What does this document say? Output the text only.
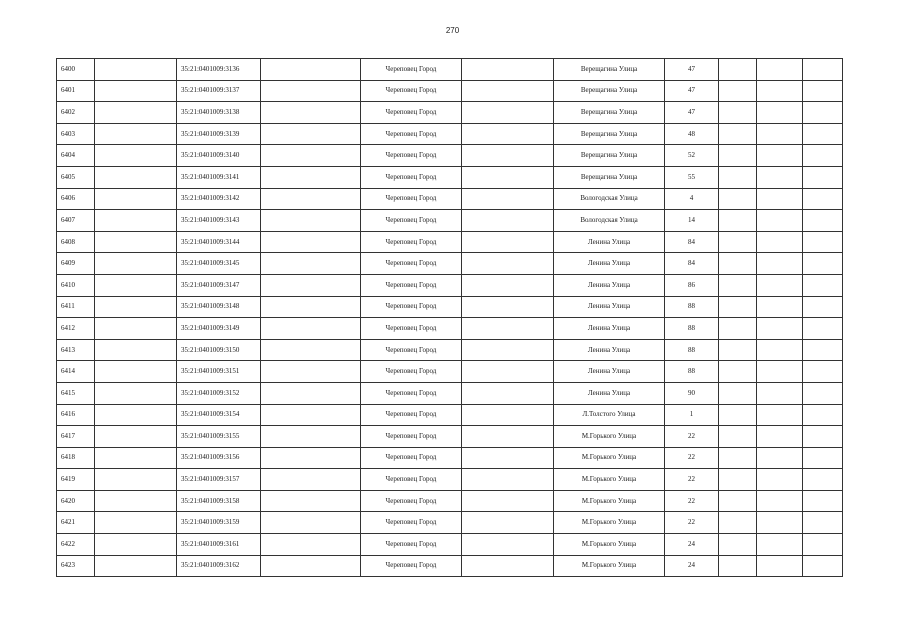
270
6400		35:21:0401009:3136		Череповец Город		Верещагина Улица	47			
6401		35:21:0401009:3137		Череповец Город		Верещагина Улица	47			
6402		35:21:0401009:3138		Череповец Город		Верещагина Улица	47			
6403		35:21:0401009:3139		Череповец Город		Верещагина Улица	48			
6404		35:21:0401009:3140		Череповец Город		Верещагина Улица	52			
6405		35:21:0401009:3141		Череповец Город		Верещагина Улица	55			
6406		35:21:0401009:3142		Череповец Город		Вологодская Улица	4			
6407		35:21:0401009:3143		Череповец Город		Вологодская Улица	14			
6408		35:21:0401009:3144		Череповец Город		Ленина Улица	84			
6409		35:21:0401009:3145		Череповец Город		Ленина Улица	84			
6410		35:21:0401009:3147		Череповец Город		Ленина Улица	86			
6411		35:21:0401009:3148		Череповец Город		Ленина Улица	88			
6412		35:21:0401009:3149		Череповец Город		Ленина Улица	88			
6413		35:21:0401009:3150		Череповец Город		Ленина Улица	88			
6414		35:21:0401009:3151		Череповец Город		Ленина Улица	88			
6415		35:21:0401009:3152		Череповец Город		Ленина Улица	90			
6416		35:21:0401009:3154		Череповец Город		Л.Толстого Улица	1			
6417		35:21:0401009:3155		Череповец Город		М.Горького Улица	22			
6418		35:21:0401009:3156		Череповец Город		М.Горького Улица	22			
6419		35:21:0401009:3157		Череповец Город		М.Горького Улица	22			
6420		35:21:0401009:3158		Череповец Город		М.Горького Улица	22			
6421		35:21:0401009:3159		Череповец Город		М.Горького Улица	22			
6422		35:21:0401009:3161		Череповец Город		М.Горького Улица	24			
6423		35:21:0401009:3162		Череповец Город		М.Горького Улица	24			
